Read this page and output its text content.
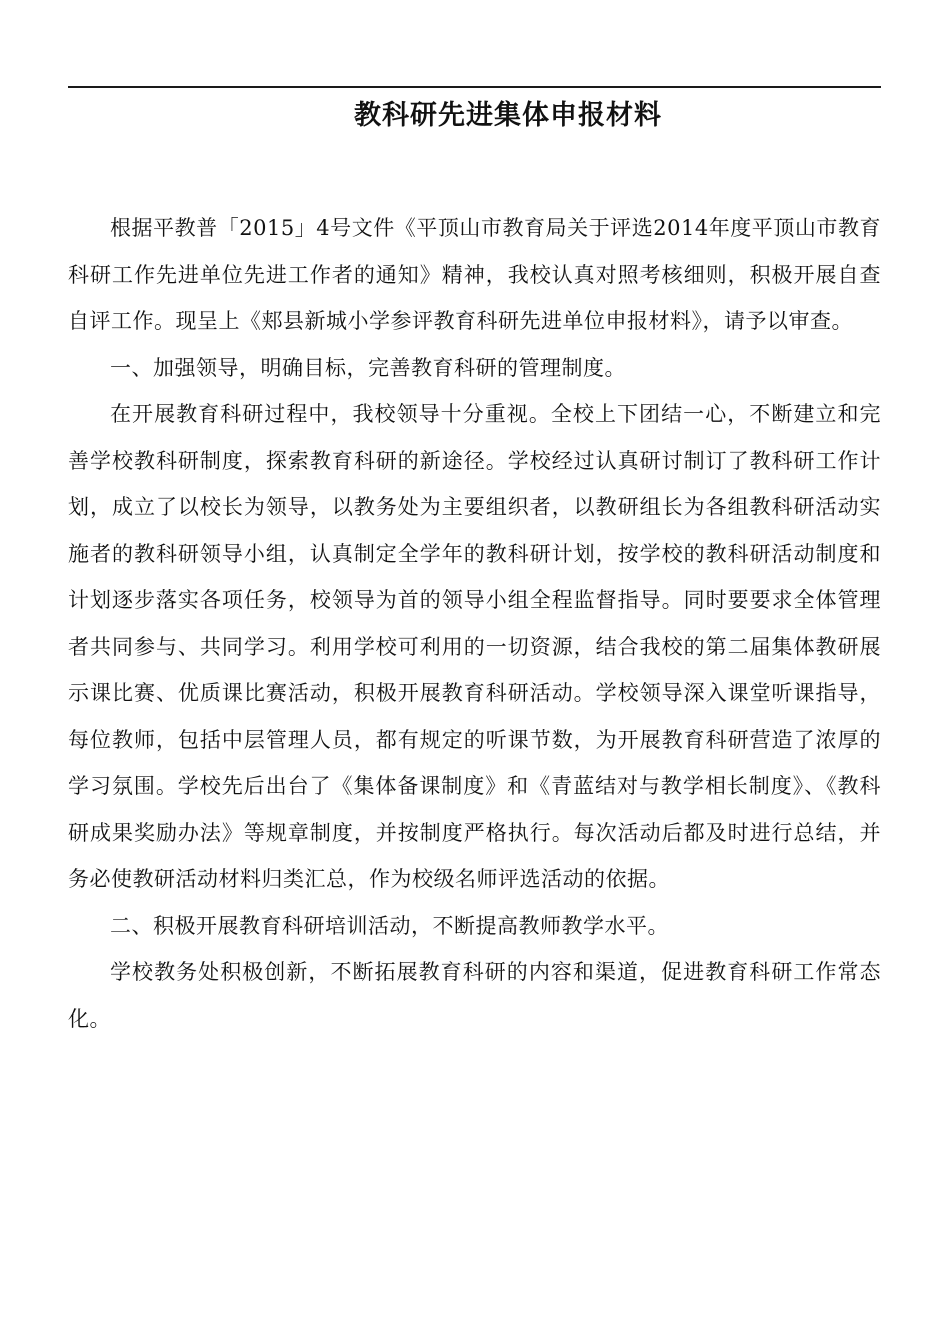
教科研先进集体申报材料

根据平教普「2015」4号文件《平顶山市教育局关于评选2014年度平顶山市教育科研工作先进单位先进工作者的通知》精神，我校认真对照考核细则，积极开展自查自评工作。现呈上《郏县新城小学参评教育科研先进单位申报材料》，请予以审查。

一、加强领导，明确目标，完善教育科研的管理制度。

在开展教育科研过程中，我校领导十分重视。全校上下团结一心，不断建立和完善学校教科研制度，探索教育科研的新途径。学校经过认真研讨制订了教科研工作计划，成立了以校长为领导，以教务处为主要组织者，以教研组长为各组教科研活动实施者的教科研领导小组，认真制定全学年的教科研计划，按学校的教科研活动制度和计划逐步落实各项任务，校领导为首的领导小组全程监督指导。同时要要求全体管理者共同参与、共同学习。利用学校可利用的一切资源，结合我校的第二届集体教研展示课比赛、优质课比赛活动，积极开展教育科研活动。学校领导深入课堂听课指导，每位教师，包括中层管理人员，都有规定的听课节数，为开展教育科研营造了浓厚的学习氛围。学校先后出台了《集体备课制度》和《青蓝结对与教学相长制度》、《教科研成果奖励办法》等规章制度，并按制度严格执行。每次活动后都及时进行总结，并务必使教研活动材料归类汇总，作为校级名师评选活动的依据。

二、积极开展教育科研培训活动，不断提高教师教学水平。

学校教务处积极创新，不断拓展教育科研的内容和渠道，促进教育科研工作常态化。
